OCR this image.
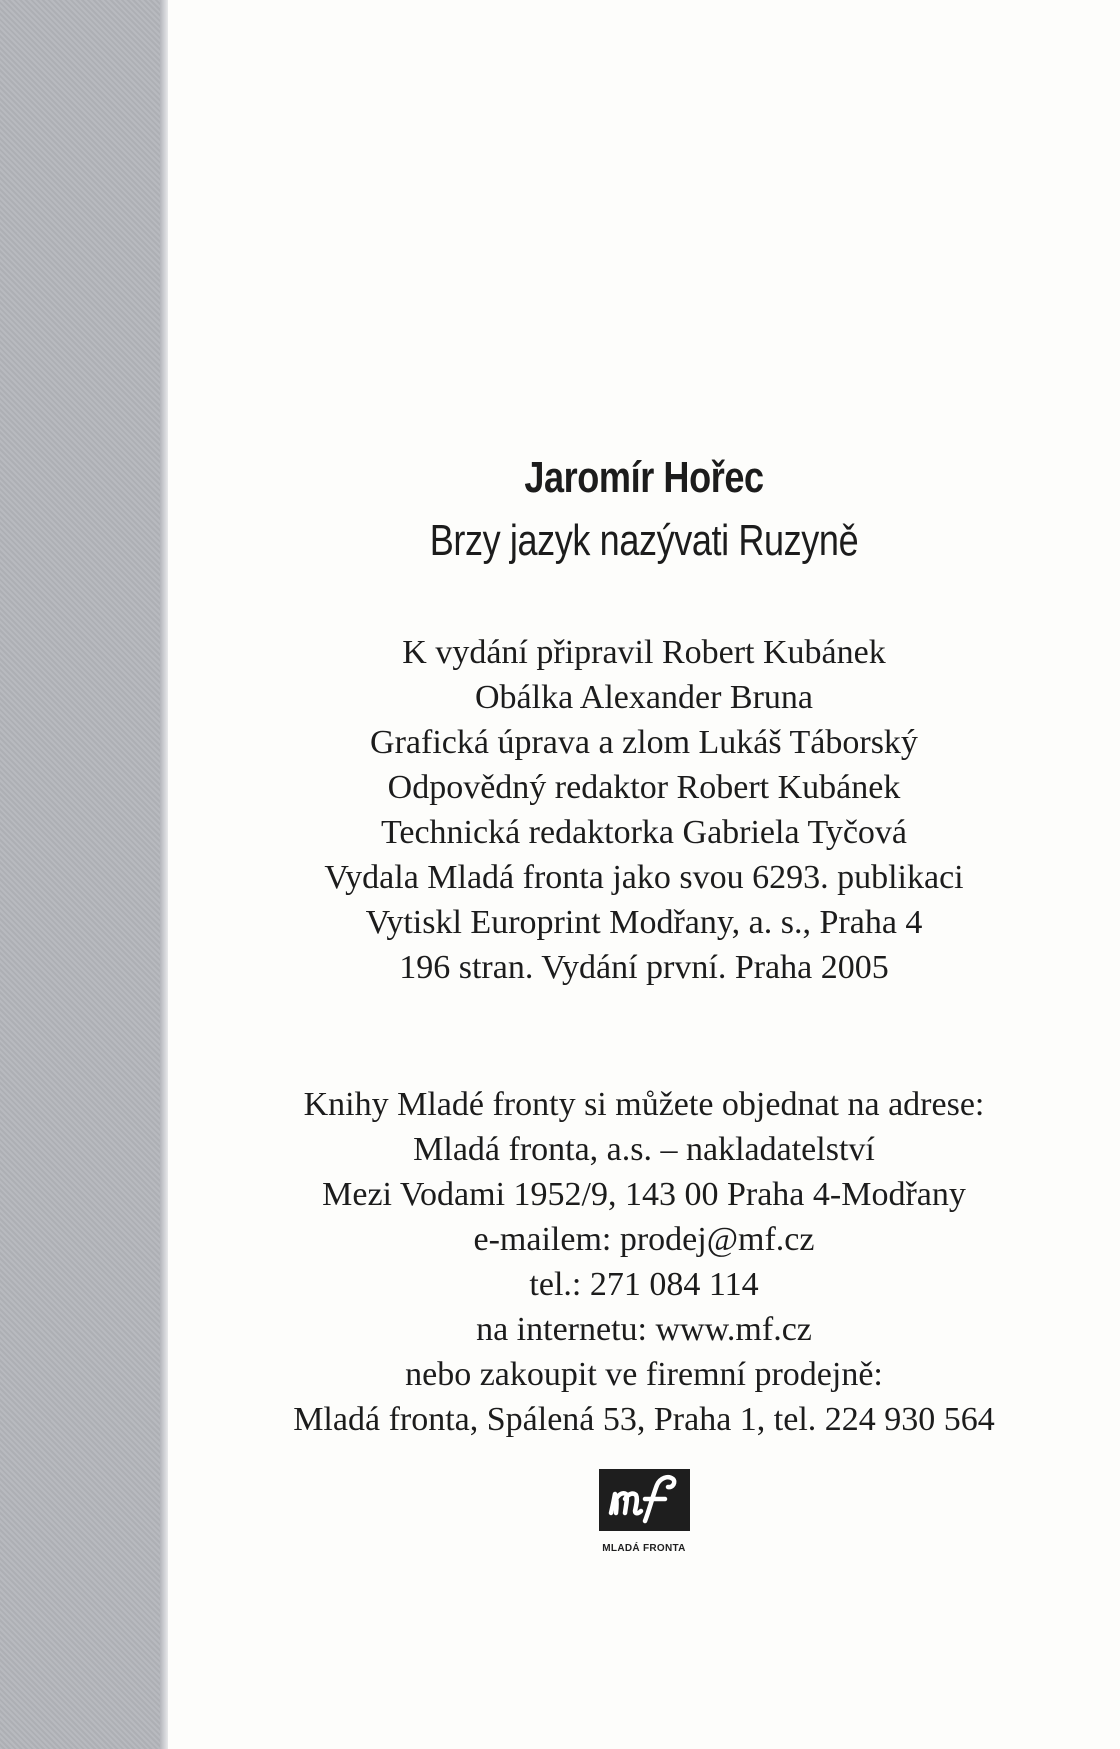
Jaromír Hořec
Brzy jazyk nazývati Ruzyně
K vydání připravil Robert Kubánek
Obálka Alexander Bruna
Grafická úprava a zlom Lukáš Táborský
Odpovědný redaktor Robert Kubánek
Technická redaktorka Gabriela Tyčová
Vydala Mladá fronta jako svou 6293. publikaci
Vytiskl Europrint Modřany, a. s., Praha 4
196 stran. Vydání první. Praha 2005
Knihy Mladé fronty si můžete objednat na adrese:
Mladá fronta, a.s. – nakladatelství
Mezi Vodami 1952/9, 143 00 Praha 4-Modřany
e-mailem: prodej@mf.cz
tel.: 271 084 114
na internetu: www.mf.cz
nebo zakoupit ve firemní prodejně:
Mladá fronta, Spálená 53, Praha 1, tel. 224 930 564
MLADÁ FRONTA
